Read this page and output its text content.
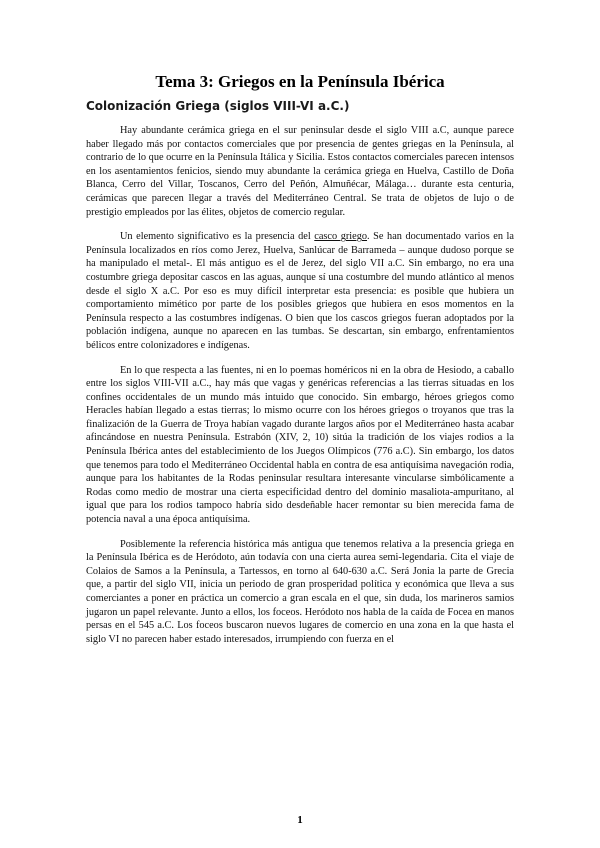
Tema 3: Griegos en la Península Ibérica
Colonización Griega (siglos VIII-VI a.C.)

Hay abundante cerámica griega en el sur peninsular desde el siglo VIII a.C, aunque parece haber llegado más por contactos comerciales que por presencia de gentes griegas en la Península, al contrario de lo que ocurre en la Península Itálica y Sicilia. Estos contactos comerciales parecen intensos en los asentamientos fenicios, siendo muy abundante la cerámica griega en Huelva, Castillo de Doña Blanca, Cerro del Villar, Toscanos, Cerro del Peñón, Almuñécar, Málaga… durante esta centuria, cerámicas que parecen llegar a través del Mediterráneo Central. Se trata de objetos de lujo o de prestigio empleados por las élites, objetos de comercio regular.

Un elemento significativo es la presencia del casco griego. Se han documentado varios en la Península localizados en ríos como Jerez, Huelva, Sanlúcar de Barrameda – aunque dudoso porque se ha manipulado el metal-. El más antiguo es el de Jerez, del siglo VII a.C. Sin embargo, no era una costumbre griega depositar cascos en las aguas, aunque sí una costumbre del mundo atlántico al menos desde el siglo X a.C. Por eso es muy difícil interpretar esta presencia: es posible que hubiera un comportamiento mimético por parte de los posibles griegos que hubiera en esos momentos en la Península respecto a las costumbres indígenas. O bien que los cascos griegos fueran adoptados por la población indígena, aunque no aparecen en las tumbas. Se descartan, sin embargo, enfrentamientos bélicos entre colonizadores e indígenas.

En lo que respecta a las fuentes, ni en lo poemas homéricos ni en la obra de Hesiodo, a caballo entre los siglos VIII-VII a.C., hay más que vagas y genéricas referencias a las tierras situadas en los confines occidentales de un mundo más intuido que conocido. Sin embargo, héroes griegos como Heracles habían llegado a estas tierras; lo mismo ocurre con los héroes griegos o troyanos que tras la finalización de la Guerra de Troya habían vagado durante largos años por el Mediterráneo hasta acabar afincándose en nuestra Península. Estrabón (XIV, 2, 10) sitúa la tradición de los viajes rodios a la Península Ibérica antes del establecimiento de los Juegos Olímpicos (776 a.C). Sin embargo, los datos que tenemos para todo el Mediterráneo Occidental habla en contra de esa antiquísima navegación rodia, aunque para los habitantes de la Rodas peninsular resultara interesante vincularse simbólicamente a Rodas como medio de mostrar una cierta especificidad dentro del dominio masaliota-ampuritano, al igual que para los rodios tampoco habría sido desdeñable hacer remontar su bien merecida fama de potencia naval a una época antiquísima.

Posiblemente la referencia histórica más antigua que tenemos relativa a la presencia griega en la Península Ibérica es de Heródoto, aún todavía con una cierta aurea semi-legendaria. Cita el viaje de Colaios de Samos a la Península, a Tartessos, en torno al 640-630 a.C. Será Jonia la parte de Grecia que, a partir del siglo VII, inicia un periodo de gran prosperidad política y económica que lleva a sus comerciantes a poner en práctica un comercio a gran escala en el que, sin duda, los marineros samios jugaron un papel relevante. Junto a ellos, los foceos. Heródoto nos habla de la caída de Focea en manos persas en el 545 a.C. Los foceos buscaron nuevos lugares de comercio en una zona en la que hasta el siglo VI no parecen haber estado interesados, irrumpiendo con fuerza en el

1
